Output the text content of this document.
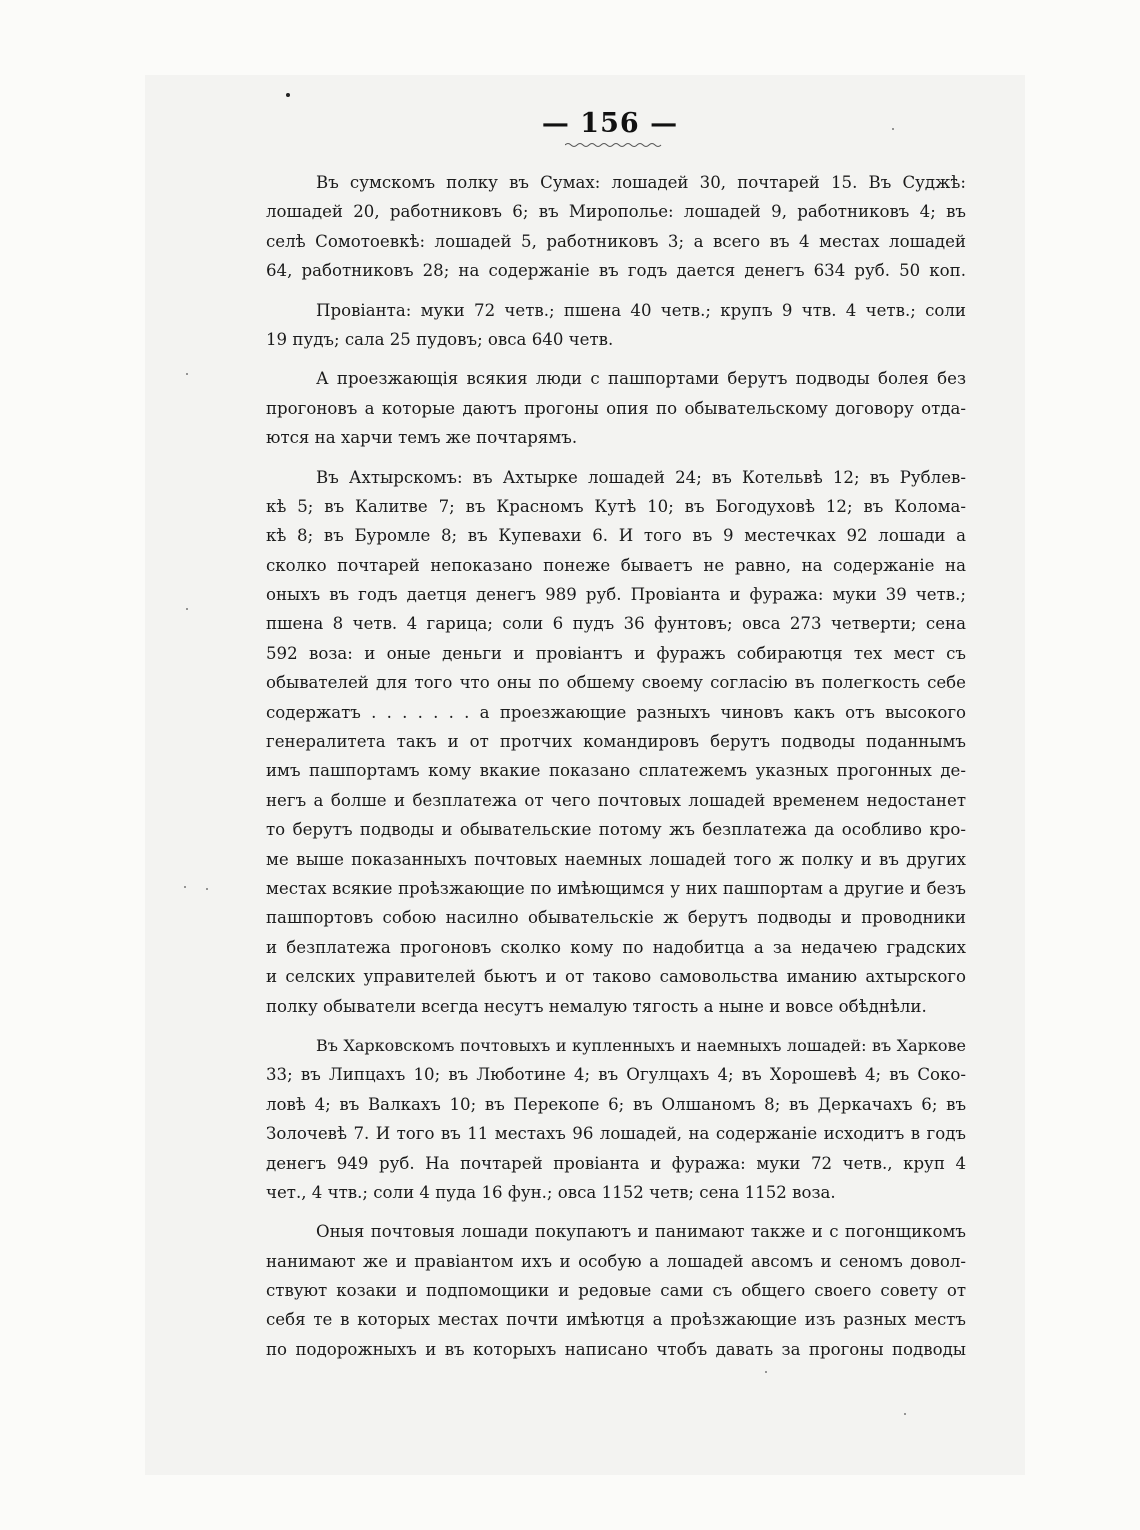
— 156 —
Въ сумскомъ полку въ Сумах: лошадей 30, почтарей 15. Въ Суджѣ:
лошадей 20, работниковъ 6; въ Мирополье: лошадей 9, работниковъ 4; въ
селѣ Сомотоевкѣ: лошадей 5, работниковъ 3; а всего въ 4 местах лошадей
64, работниковъ 28; на содержаніе въ годъ дается денегъ 634 руб. 50 коп.
Провіанта: муки 72 четв.; пшена 40 четв.; крупъ 9 чтв. 4 четв.; соли
19 пудъ; сала 25 пудовъ; овса 640 четв.
А проезжающія всякия люди с пашпортами берутъ подводы болея без
прогоновъ а которые даютъ прогоны опия по обывательскому договору отда-
ются на харчи темъ же почтарямъ.
Въ Ахтырскомъ: въ Ахтырке лошадей 24; въ Котельвѣ 12; въ Рублев-
кѣ 5; въ Калитве 7; въ Красномъ Кутѣ 10; въ Богодуховѣ 12; въ Колома-
кѣ 8; въ Буромле 8; въ Купевахи 6. И того въ 9 местечках 92 лошади а
сколко почтарей непоказано понеже бываетъ не равно, на содержаніе на
оныхъ въ годъ даетця денегъ 989 руб. Провіанта и фуража: муки 39 четв.;
пшена 8 четв. 4 гарица; соли 6 пудъ 36 фунтовъ; овса 273 четверти; сена
592 воза: и оные деньги и провіантъ и фуражъ собираютця тех мест съ
обывателей для того что оны по обшему своему согласію въ полегкость себе
содержатъ . . . . . . . а проезжающие разныхъ чиновъ какъ отъ высокого
генералитета такъ и от протчих командировъ берутъ подводы поданнымъ
имъ пашпортамъ кому вкакие показано сплатежемъ указных прогонных де-
негъ а болше и безплатежа от чего почтовых лошадей временем недостанет
то берутъ подводы и обывательские потому жъ безплатежа да особливо кро-
ме выше показанныхъ почтовых наемных лошадей того ж полку и въ других
местах всякие проѣзжающие по имѣющимся у них пашпортам а другие и безъ
пашпортовъ собою насилно обывательскіе ж берутъ подводы и проводники
и безплатежа прогоновъ сколко кому по надобитца а за недачею градских
и селских управителей бьютъ и от таково самовольства иманию ахтырского
полку обыватели всегда несутъ немалую тягость а ныне и вовсе обѣднѣли.
Въ Харковскомъ почтовыхъ и купленныхъ и наемныхъ лошадей: въ Харкове
33; въ Липцахъ 10; въ Люботине 4; въ Огулцахъ 4; въ Хорошевѣ 4; въ Соко-
ловѣ 4; въ Валкахъ 10; въ Перекопе 6; въ Олшаномъ 8; въ Деркачахъ 6; въ
Золочевѣ 7. И того въ 11 местахъ 96 лошадей, на содержаніе исходитъ в годъ
денегъ 949 руб. На почтарей провіанта и фуража: муки 72 четв., круп 4
чет., 4 чтв.; соли 4 пуда 16 фун.; овса 1152 четв; сена 1152 воза.
Оныя почтовыя лошади покупаютъ и панимают также и с погонщикомъ
нанимают же и правіантом ихъ и особую а лошадей авсомъ и сеномъ довол-
ствуют козаки и подпомощики и редовые сами съ общего своего совету от
себя те в которых местах почти имѣютця а проѣзжающие изъ разных местъ
по подорожныхъ и въ которыхъ написано чтобъ давать за прогоны подводы
